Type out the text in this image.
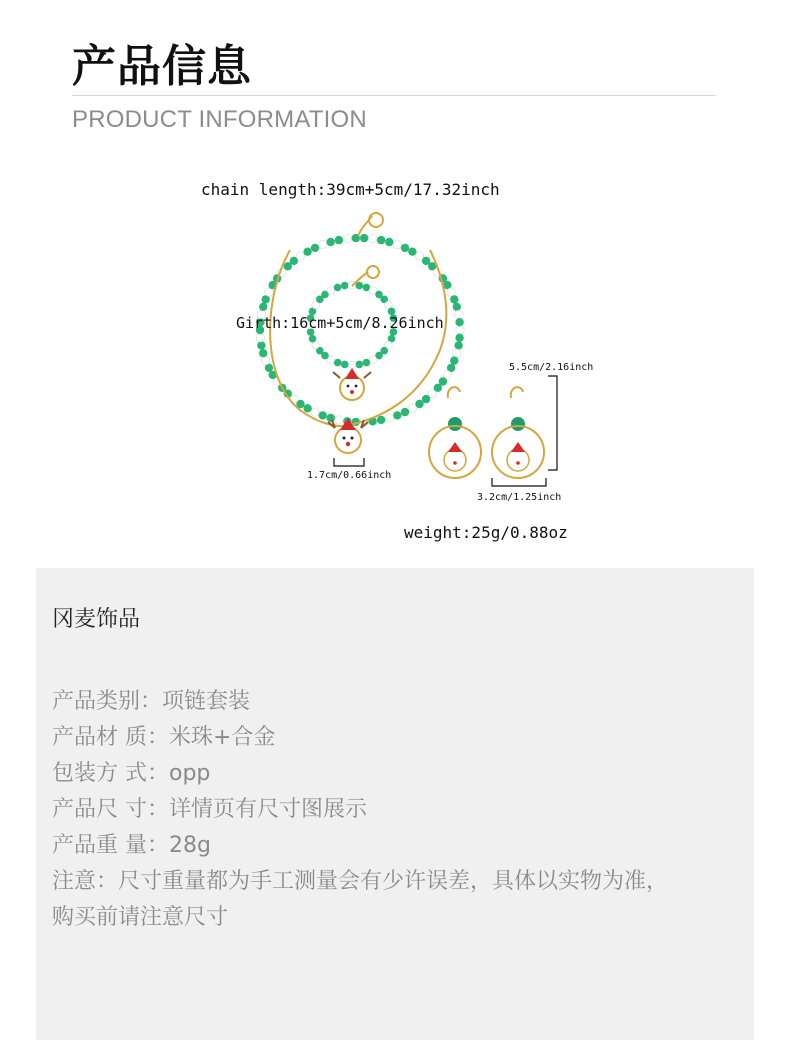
产品信息
PRODUCT INFORMATION
chain length:39cm+5cm/17.32inch
Girth:16cm+5cm/8.26inch
5.5cm/2.16inch
1.7cm/0.66inch
3.2cm/1.25inch
weight:25g/0.88oz
冈麦饰品

产品类别：项链套装

产品材 质：米珠+合金

包装方 式：opp

产品尺 寸：详情页有尺寸图展示

产品重 量：28g

注意：尺寸重量都为手工测量会有少许误差，具体以实物为准，

购买前请注意尺寸
